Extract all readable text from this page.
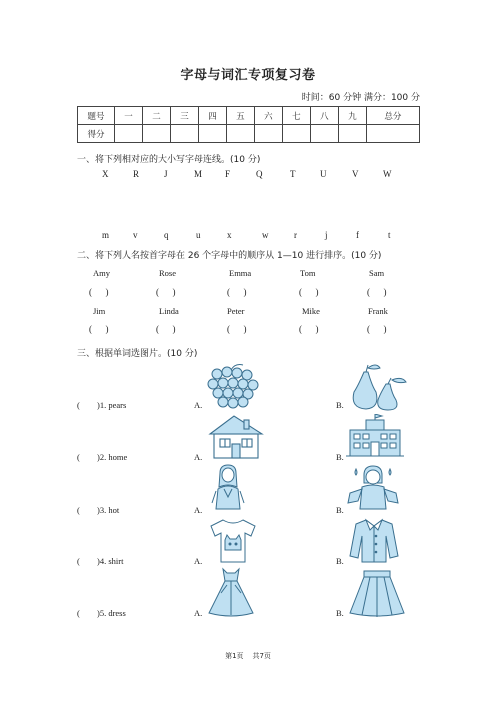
字母与词汇专项复习卷
时间：60 分钟 满分：100 分
题号	一	二	三	四	五	六	七	八	九	总分
得分										
一、将下列相对应的大小写字母连线。(10 分)
X	R	J	M	F	Q	T	U	V	W
m	v	q	u	x	w	r	j	f	t
二、将下列人名按首字母在 26 个字母中的顺序从 1—10 进行排序。(10 分)
Amy	Rose	Emma	Tom	Sam
(      )	(      )	(      )	(      )	(      )
Jim	Linda	Peter	Mike	Frank
(      )	(      )	(      )	(      )	(      )
三、根据单词选图片。(10 分)
( )1. pears	A.	B.
( )2. home	A.	B.
( )3. hot	A.	B.
( )4. shirt	A.	B.
( )5. dress	A.	B.
第1页    共7页
